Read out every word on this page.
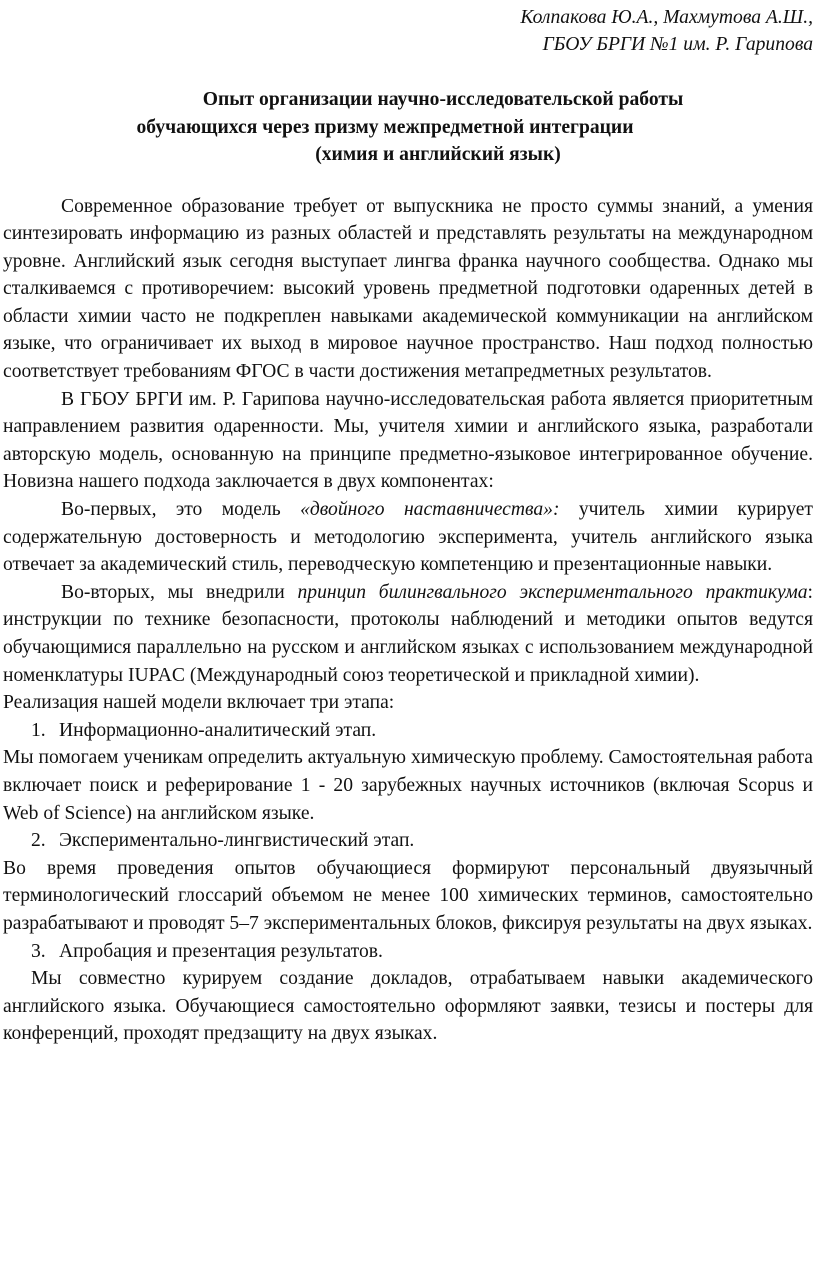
Колпакова Ю.А., Махмутова А.Ш.,
ГБОУ БРГИ №1 им. Р. Гарипова
Опыт организации научно-исследовательской работы
обучающихся через призму межпредметной интеграции
(химия и английский язык)

Современное образование требует от выпускника не просто суммы знаний, а умения синтезировать информацию из разных областей и представлять результаты на международном уровне. Английский язык сегодня выступает лингва франка научного сообщества. Однако мы сталкиваемся с противоречием: высокий уровень предметной подготовки одаренных детей в области химии часто не подкреплен навыками академической коммуникации на английском языке, что ограничивает их выход в мировое научное пространство. Наш подход полностью соответствует требованиям ФГОС в части достижения метапредметных результатов.

В ГБОУ БРГИ им. Р. Гарипова научно-исследовательская работа является приоритетным направлением развития одаренности. Мы, учителя химии и английского языка, разработали авторскую модель, основанную на принципе предметно-языковое интегрированное обучение. Новизна нашего подхода заключается в двух компонентах:

Во-первых, это модель «двойного наставничества»: учитель химии курирует содержательную достоверность и методологию эксперимента, учитель английского языка отвечает за академический стиль, переводческую компетенцию и презентационные навыки.

Во-вторых, мы внедрили принцип билингвального экспериментального практикума: инструкции по технике безопасности, протоколы наблюдений и методики опытов ведутся обучающимися параллельно на русском и английском языках с использованием международной номенклатуры IUPAC (Международный союз теоретической и прикладной химии).

Реализация нашей модели включает три этапа:

1. Информационно-аналитический этап.

Мы помогаем ученикам определить актуальную химическую проблему. Самостоятельная работа включает поиск и реферирование 1 - 20 зарубежных научных источников (включая Scopus и Web of Science) на английском языке.

2. Экспериментально-лингвистический этап.

Во время проведения опытов обучающиеся формируют персональный двуязычный терминологический глоссарий объемом не менее 100 химических терминов, самостоятельно разрабатывают и проводят 5–7 экспериментальных блоков, фиксируя результаты на двух языках.

3. Апробация и презентация результатов.

Мы совместно курируем создание докладов, отрабатываем навыки академического английского языка. Обучающиеся самостоятельно оформляют заявки, тезисы и постеры для конференций, проходят предзащиту на двух языках.
